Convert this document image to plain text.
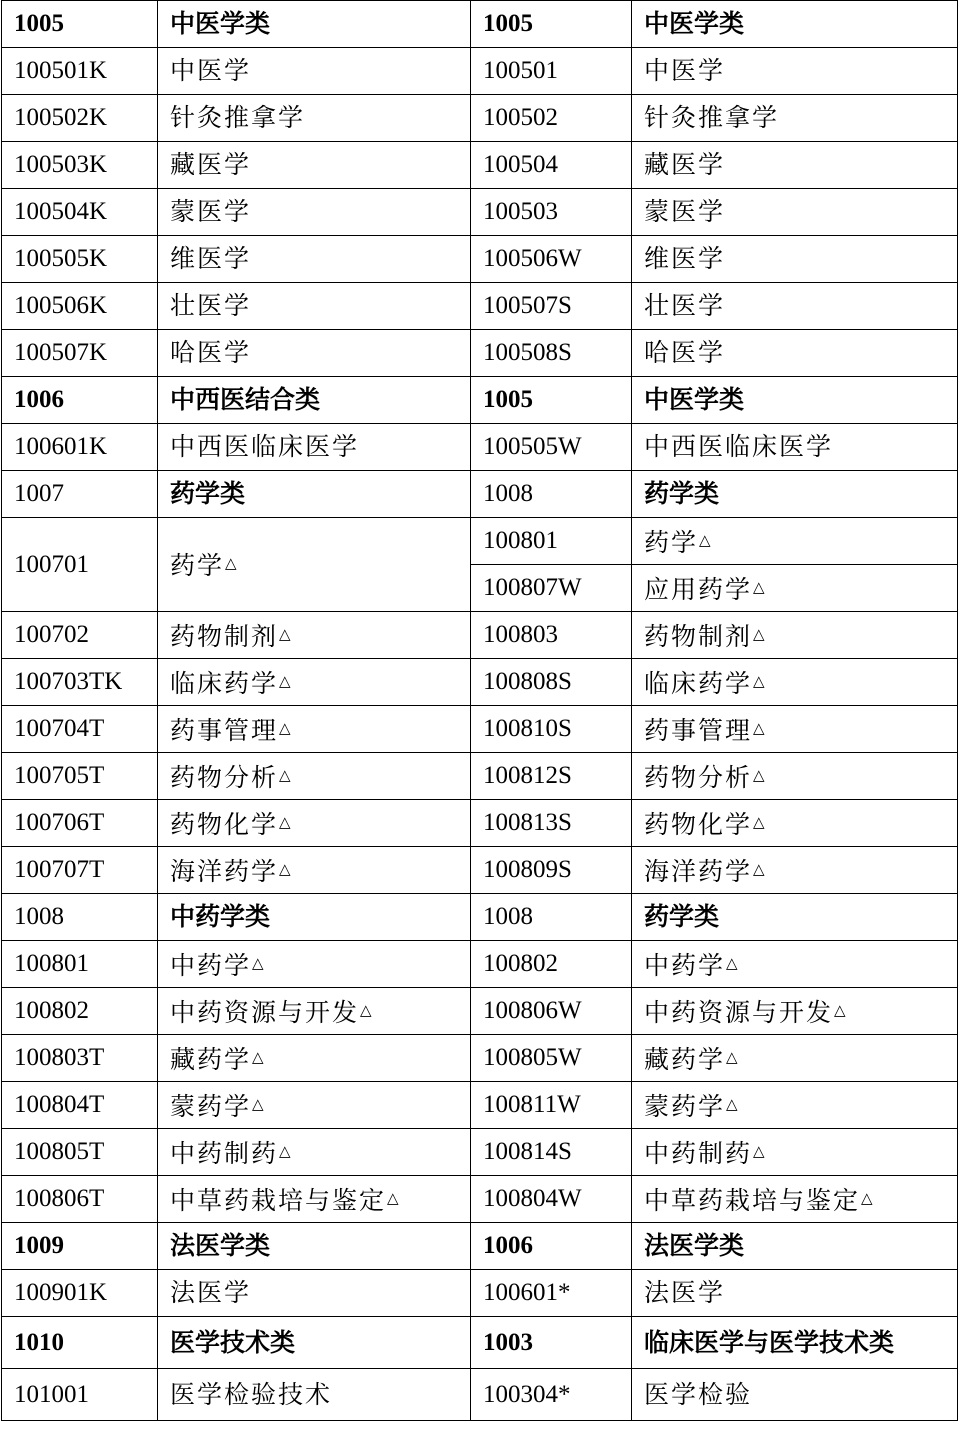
1005	中医学类	1005	中医学类
100501K	中医学	100501	中医学
100502K	针灸推拿学	100502	针灸推拿学
100503K	藏医学	100504	藏医学
100504K	蒙医学	100503	蒙医学
100505K	维医学	100506W	维医学
100506K	壮医学	100507S	壮医学
100507K	哈医学	100508S	哈医学
1006	中西医结合类	1005	中医学类
100601K	中西医临床医学	100505W	中西医临床医学
1007	药学类	1008	药学类
100701	药学△	100801	药学△
		100807W	应用药学△
100702	药物制剂△	100803	药物制剂△
100703TK	临床药学△	100808S	临床药学△
100704T	药事管理△	100810S	药事管理△
100705T	药物分析△	100812S	药物分析△
100706T	药物化学△	100813S	药物化学△
100707T	海洋药学△	100809S	海洋药学△
1008	中药学类	1008	药学类
100801	中药学△	100802	中药学△
100802	中药资源与开发△	100806W	中药资源与开发△
100803T	藏药学△	100805W	藏药学△
100804T	蒙药学△	100811W	蒙药学△
100805T	中药制药△	100814S	中药制药△
100806T	中草药栽培与鉴定△	100804W	中草药栽培与鉴定△
1009	法医学类	1006	法医学类
100901K	法医学	100601*	法医学
1010	医学技术类	1003	临床医学与医学技术类
101001	医学检验技术	100304*	医学检验
